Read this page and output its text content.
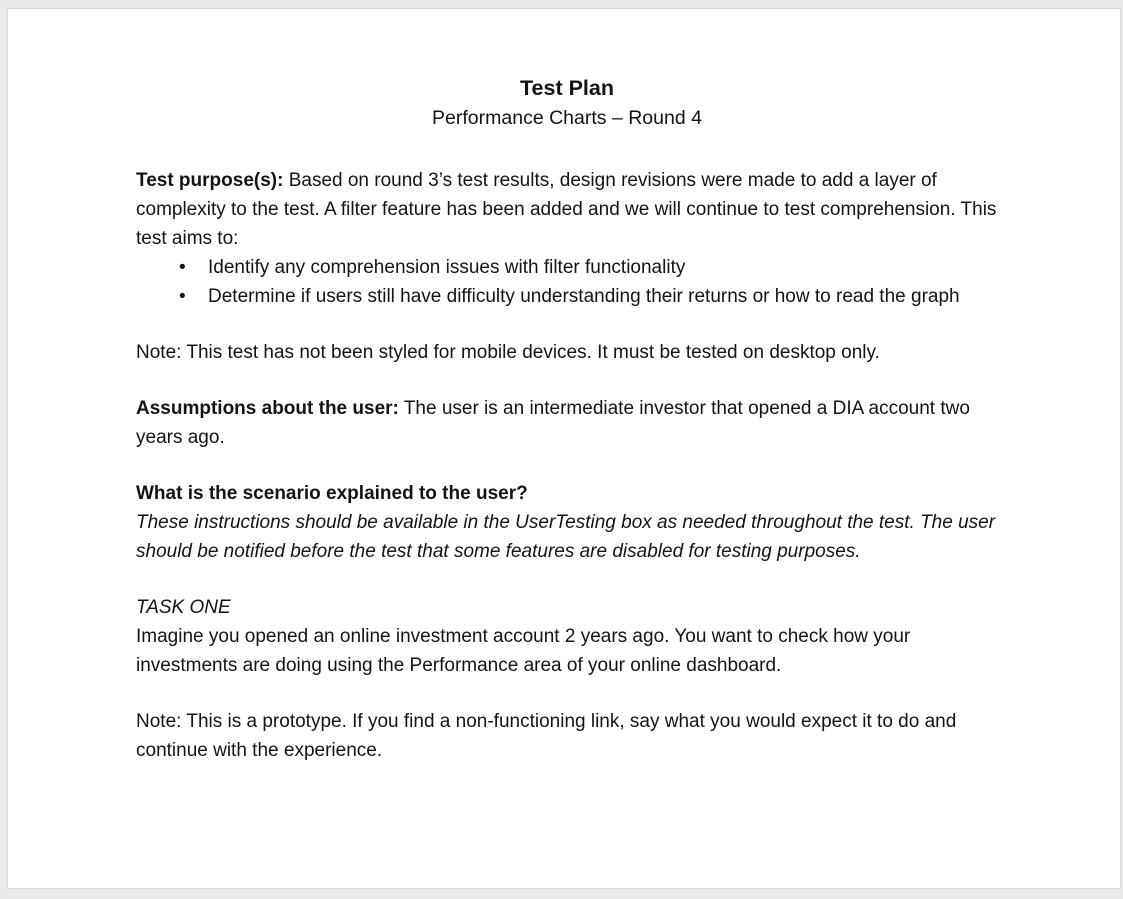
Test Plan
Performance Charts – Round 4

Test purpose(s): Based on round 3’s test results, design revisions were made to add a layer of complexity to the test. A filter feature has been added and we will continue to test comprehension. This test aims to:

• Identify any comprehension issues with filter functionality
• Determine if users still have difficulty understanding their returns or how to read the graph

Note: This test has not been styled for mobile devices. It must be tested on desktop only.

Assumptions about the user: The user is an intermediate investor that opened a DIA account two years ago.

What is the scenario explained to the user?

These instructions should be available in the UserTesting box as needed throughout the test. The user should be notified before the test that some features are disabled for testing purposes.

TASK ONE

Imagine you opened an online investment account 2 years ago. You want to check how your investments are doing using the Performance area of your online dashboard.

Note: This is a prototype. If you find a non-functioning link, say what you would expect it to do and continue with the experience.
